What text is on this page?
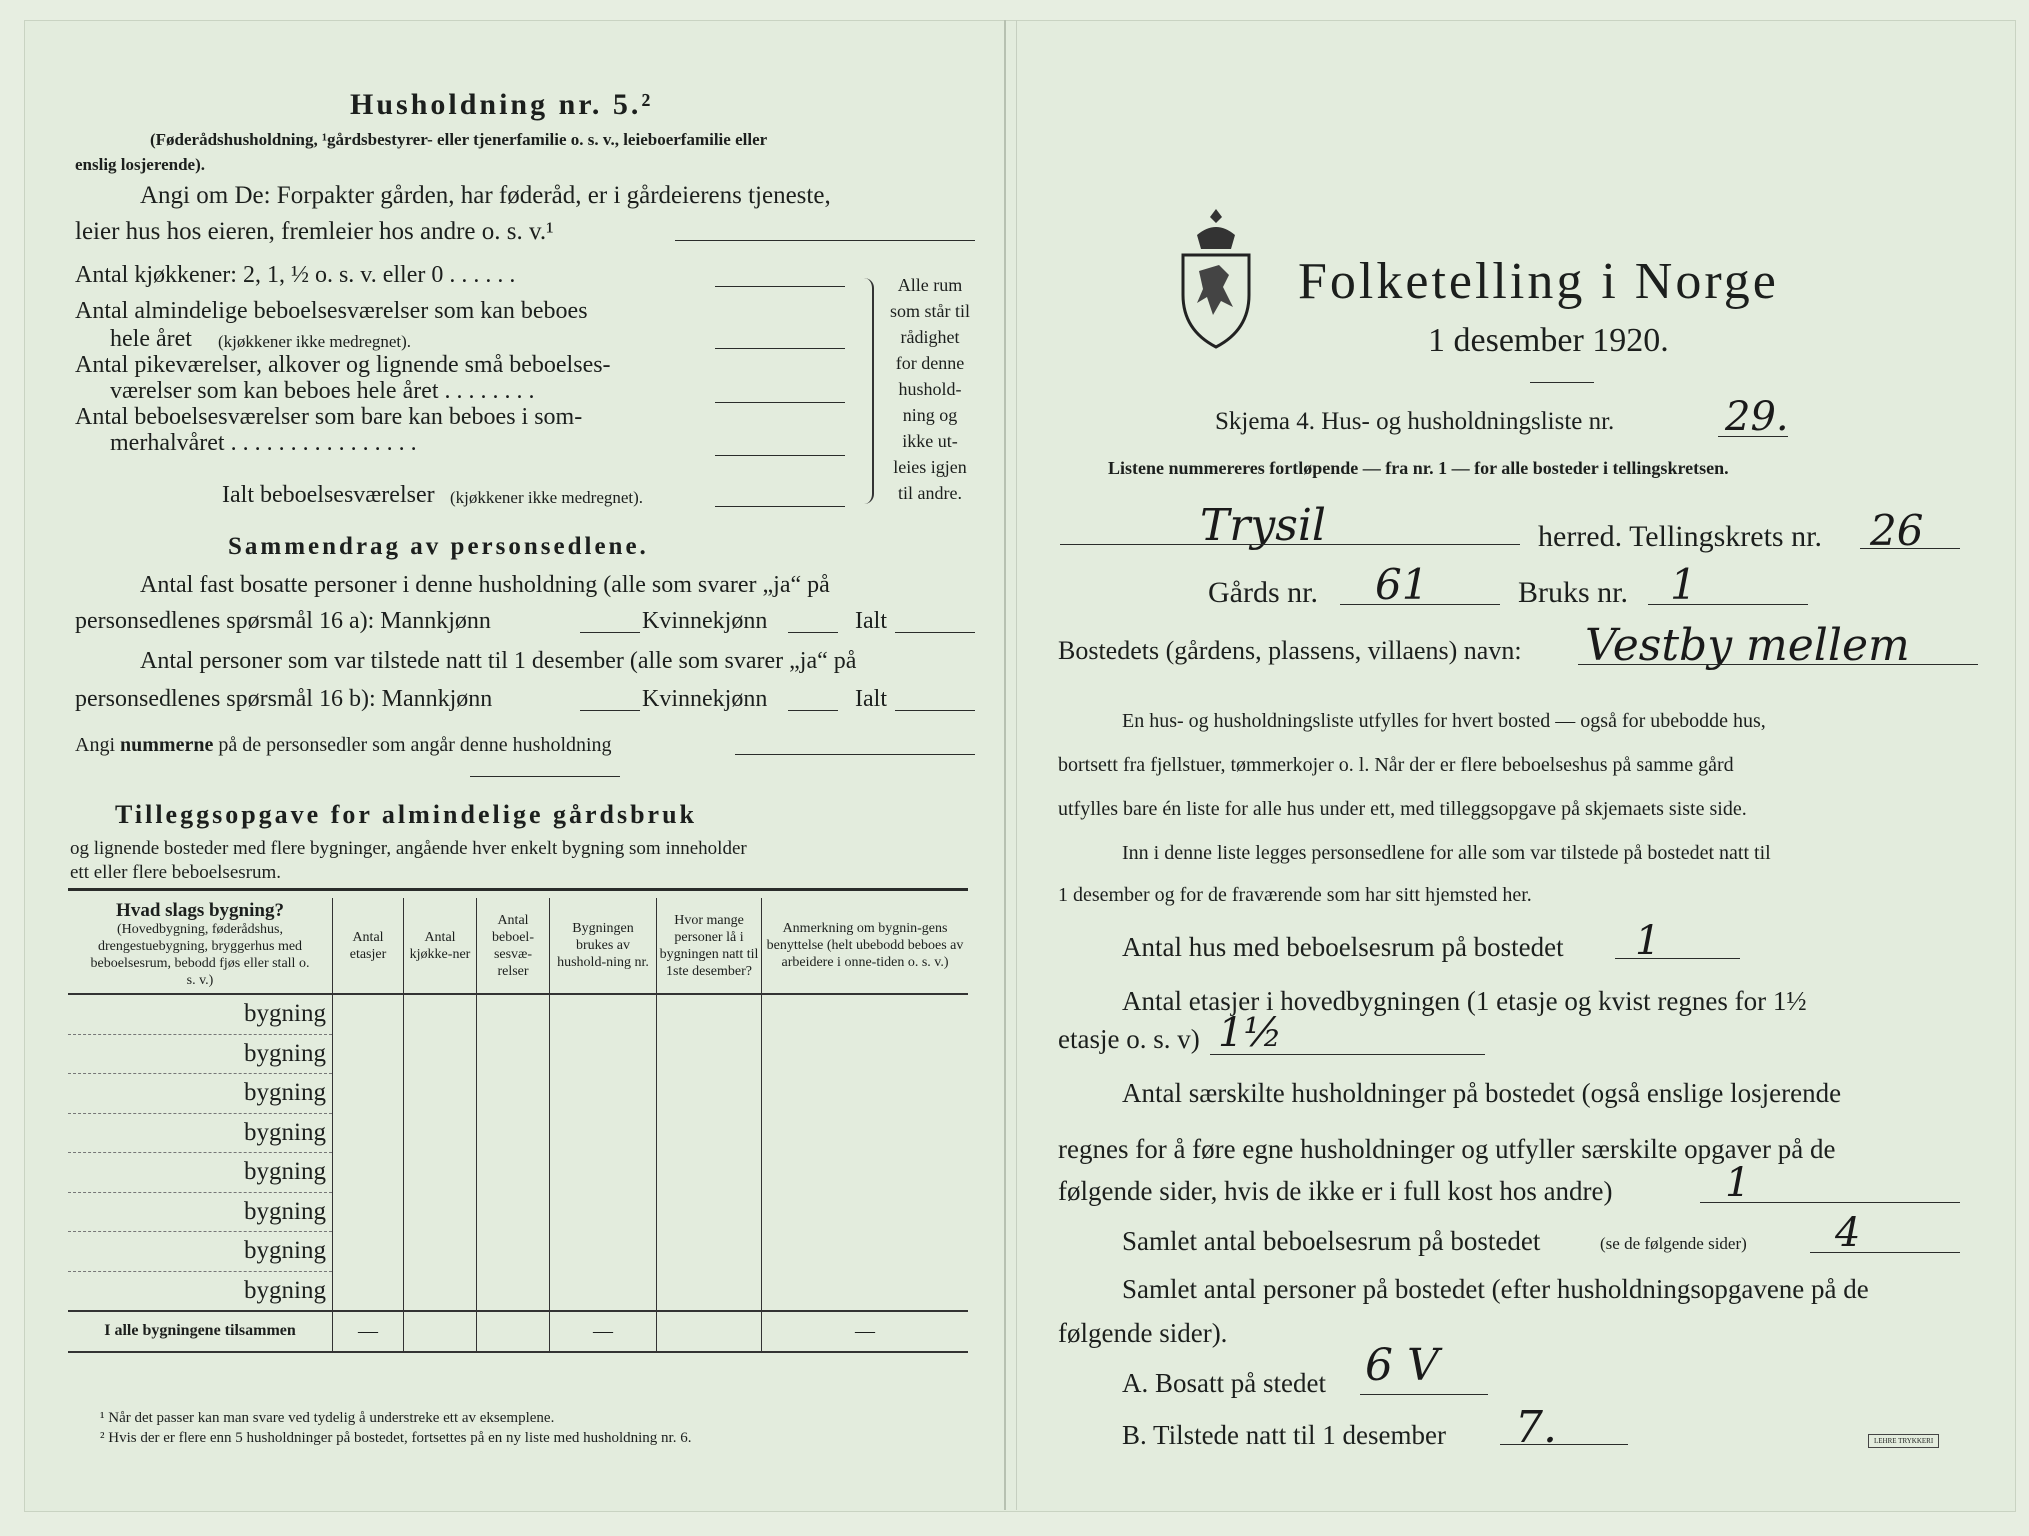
Husholdning nr. 5.²
(Føderådshusholdning, ¹gårdsbestyrer- eller tjenerfamilie o. s. v., leieboerfamilie eller
enslig losjerende).
Angi om De: Forpakter gården, har føderåd, er i gårdeierens tjeneste,
leier hus hos eieren, fremleier hos andre o. s. v.¹
Antal kjøkkener: 2, 1, ½ o. s. v. eller 0 . . . . . .
Antal almindelige beboelsesværelser som kan beboes
hele året (kjøkkener ikke medregnet).
Antal pikeværelser, alkover og lignende små beboelses-
værelser som kan beboes hele året . . . . . . . .
Antal beboelsesværelser som bare kan beboes i som-
merhalvåret . . . . . . . . . . . . . . . .
Ialt beboelsesværelser (kjøkkener ikke medregnet).
Alle rum
som står til
rådighet
for denne
hushold-
ning og
ikke ut-
leies igjen
til andre.
Sammendrag av personsedlene.
Antal fast bosatte personer i denne husholdning (alle som svarer „ja“ på
personsedlenes spørsmål 16 a): Mannkjønn	Kvinnekjønn	Ialt
Antal personer som var tilstede natt til 1 desember (alle som svarer „ja“ på
personsedlenes spørsmål 16 b): Mannkjønn	Kvinnekjønn	Ialt
Angi nummerne på de personsedler som angår denne husholdning
Tilleggsopgave for almindelige gårdsbruk
og lignende bosteder med flere bygninger, angående hver enkelt bygning som inneholder
ett eller flere beboelsesrum.
Hvad slags bygning?
(Hovedbygning, føderådshus, drengestuebygning, bryggerhus med beboelsesrum, bebodd fjøs eller stall o. s. v.)	Antal etasjer	Antal kjøkke-ner	Antal beboel-sesvæ-relser	Bygningen brukes av hushold-ning nr.	Hvor mange personer lå i bygningen natt til 1ste desember?	Anmerkning om bygnin-gens benyttelse (helt ubebodd beboes av arbeidere i onne-tiden o. s. v.)
bygning						
bygning						
bygning						
bygning						
bygning						
bygning						
bygning						
bygning						
I alle bygningene tilsammen	—			—		—
¹ Når det passer kan man svare ved tydelig å understreke ett av eksemplene.
² Hvis der er flere enn 5 husholdninger på bostedet, fortsettes på en ny liste med husholdning nr. 6.
Folketelling i Norge
1 desember 1920.
Skjema 4. Hus- og husholdningsliste nr.	29.
Listene nummereres fortløpende — fra nr. 1 — for alle bosteder i tellingskretsen.
Trysil	herred. Tellingskrets nr. 26
Gårds nr. 61	Bruks nr. 1
Bostedets (gårdens, plassens, villaens) navn: Vestby mellem
En hus- og husholdningsliste utfylles for hvert bosted — også for ubebodde hus,
bortsett fra fjellstuer, tømmerkojer o. l. Når der er flere beboelseshus på samme gård
utfylles bare én liste for alle hus under ett, med tilleggsopgave på skjemaets siste side.
Inn i denne liste legges personsedlene for alle som var tilstede på bostedet natt til
1 desember og for de fraværende som har sitt hjemsted her.
Antal hus med beboelsesrum på bostedet 1
Antal etasjer i hovedbygningen (1 etasje og kvist regnes for 1½
etasje o. s. v) 1½
Antal særskilte husholdninger på bostedet (også enslige losjerende
regnes for å føre egne husholdninger og utfyller særskilte opgaver på de
følgende sider, hvis de ikke er i full kost hos andre)	1
Samlet antal beboelsesrum på bostedet	(se de følgende sider) 4
Samlet antal personer på bostedet (efter husholdningsopgavene på de
følgende sider).
A. Bosatt på stedet 6 V
B. Tilstede natt til 1 desember 7.	LEHRE TRYKKERI
